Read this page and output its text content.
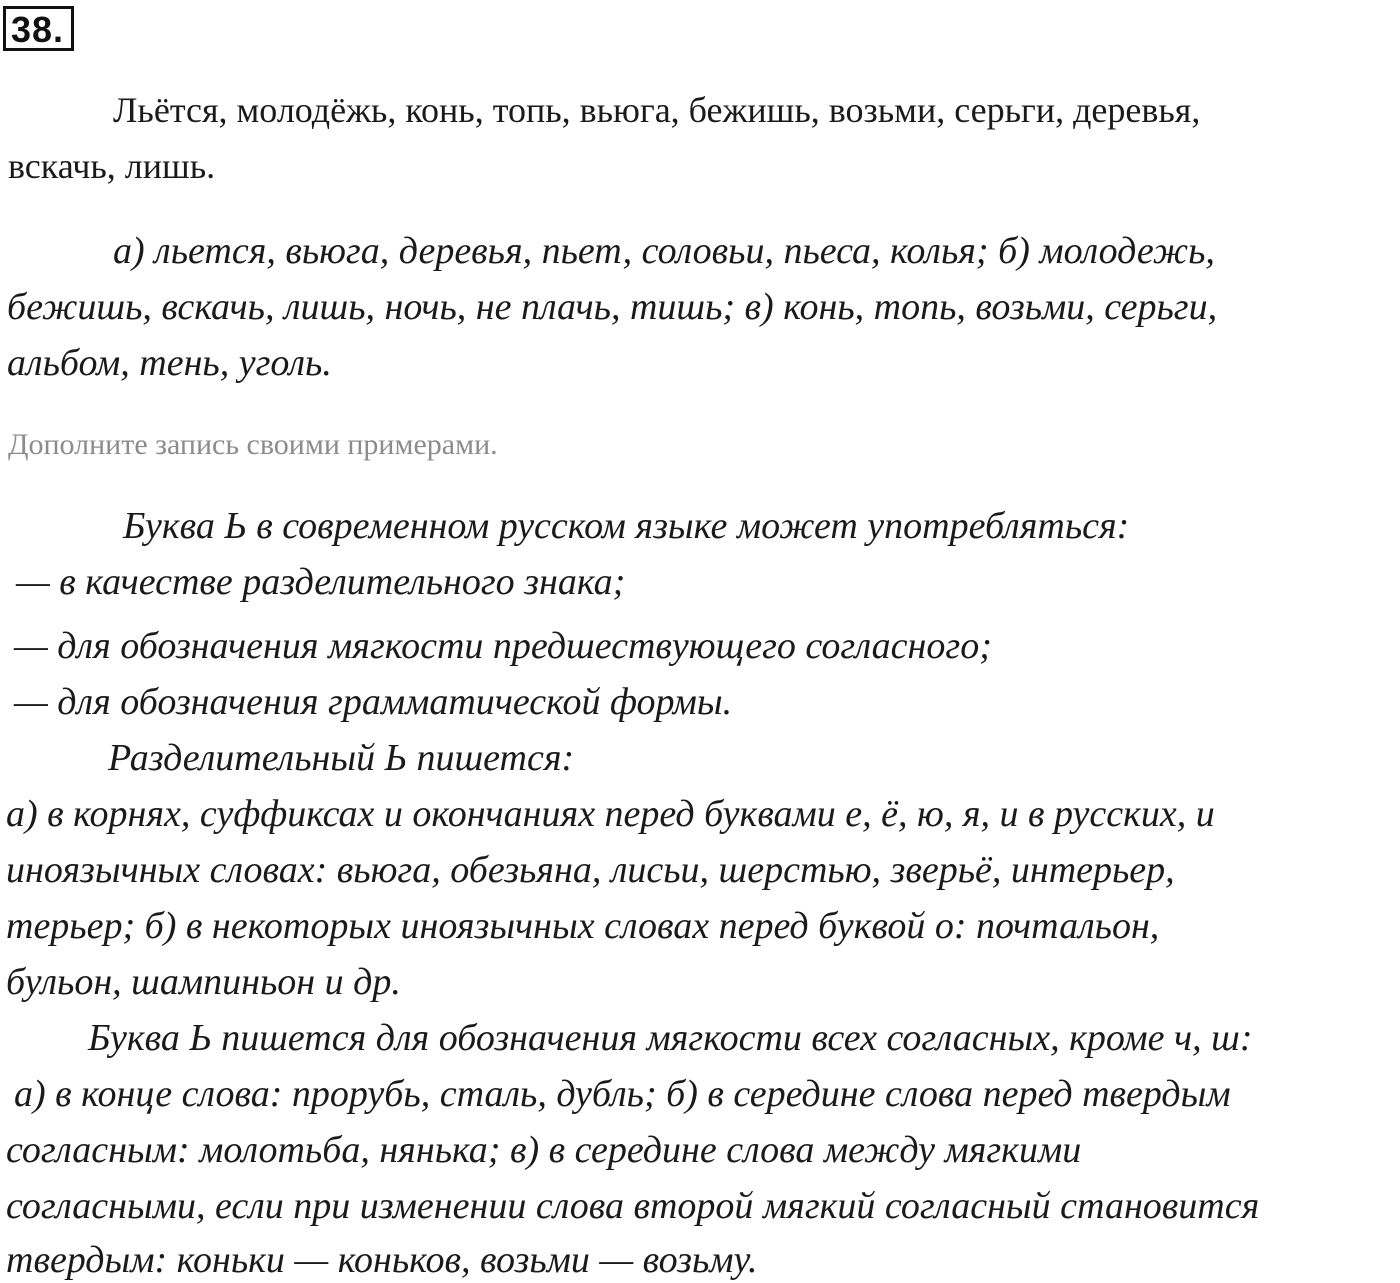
38.
Льётся, молодёжь, конь, топь, вьюга, бежишь, возьми, серьги, деревья,
вскачь, лишь.
а) льется, вьюга, деревья, пьет, соловьи, пьеса, колья; б) молодежь,
бежишь, вскачь, лишь, ночь, не плачь, тишь; в) конь, топь, возьми, серьги,
альбом, тень, уголь.
Дополните запись своими примерами.
Буква Ь в современном русском языке может употребляться:
— в качестве разделительного знака;
— для обозначения мягкости предшествующего согласного;
— для обозначения грамматической формы.
Разделительный Ь пишется:
а) в корнях, суффиксах и окончаниях перед буквами е, ё, ю, я, и в русских, и
иноязычных словах: вьюга, обезьяна, лисьи, шерстью, зверьё, интерьер,
терьер; б) в некоторых иноязычных словах перед буквой о: почтальон,
бульон, шампиньон и др.
Буква Ь пишется для обозначения мягкости всех согласных, кроме ч, ш:
а) в конце слова: прорубь, сталь, дубль; б) в середине слова перед твердым
согласным: молотьба, нянька; в) в середине слова между мягкими
согласными, если при изменении слова второй мягкий согласный становится
твердым: коньки — коньков, возьми — возьму.
